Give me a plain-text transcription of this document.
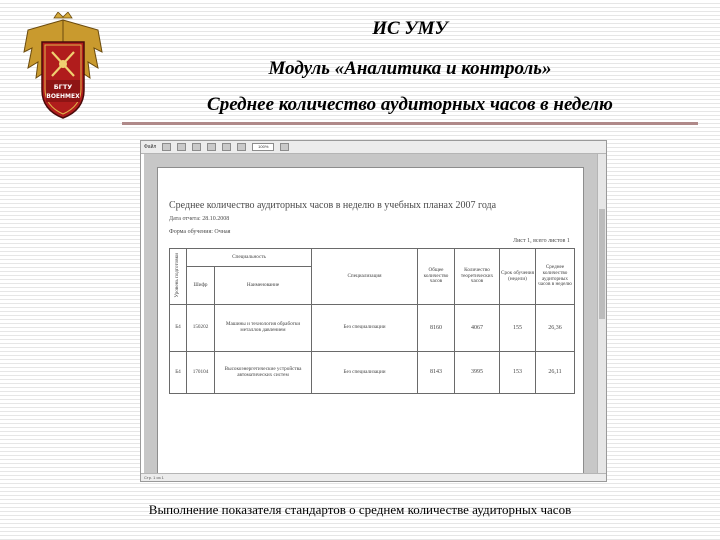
БГТУ
ВОЕНМЕХ
ИС УМУ
Модуль «Аналитика и контроль»
Среднее количество аудиторных часов в неделю
Файл	100%
Среднее количество аудиторных часов в неделю в учебных планах 2007 года
Дата отчета: 28.10.2008
Форма обучения: Очная
Лист 1, всего листов 1
Уровень подготовки	Специальность		Специализация	Общее количество часов	Количество теоретических часов	Срок обучения (недели)	Среднее количество аудиторных часов в неделю
	Шифр	Наименование					
Б4	150202	Машины и технология обработки металлов давлением	Без специализации	8160	4067	155	26,36
Б4	170104	Высокоэнергетические устройства автоматических систем	Без специализации	8143	3995	153	26,11
Стр. 1 из 1
Выполнение показателя стандартов о среднем количестве аудиторных часов
